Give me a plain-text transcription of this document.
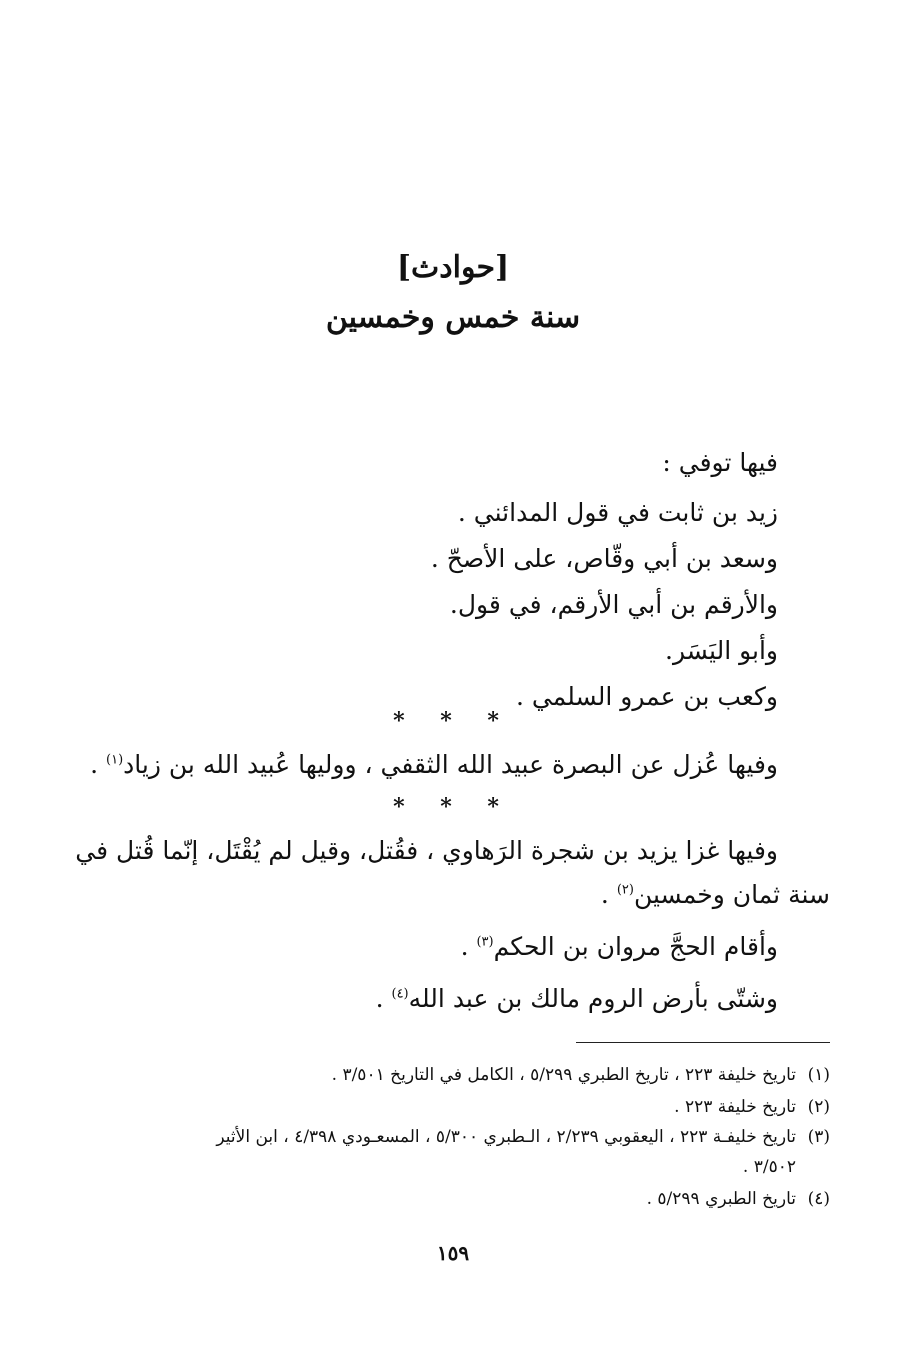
[حوادث]
سنة خمس وخمسين
فيها توفي :
زيد بن ثابت في قول المدائني .
وسعد بن أبي وقّاص، على الأصحّ .
والأرقم بن أبي الأرقم، في قول.
وأبو اليَسَر.
وكعب بن عمرو السلمي .
* * *
وفيها عُزل عن البصرة عبيد الله الثقفي ، ووليها عُبيد الله بن زياد$^{(١)}$ .
* * *
وفيها غزا يزيد بن شجرة الرَهاوي ، فقُتل، وقيل لم يُقْتَل، إنّما قُتل في
سنة ثمان وخمسين$^{(٢)}$ .
وأقام الحجَّ مروان بن الحكم$^{(٣)}$ .
وشتّى بأرض الروم مالك بن عبد الله$^{(٤)}$ .
(١)تاريخ خليفة ٢٢٣ ، تاريخ الطبري ٥/٢٩٩ ، الكامل في التاريخ ٣/٥٠١ .
(٢)تاريخ خليفة ٢٢٣ .
(٣)تاريخ خليفـة ٢٢٣ ، اليعقوبي ٢/٢٣٩ ، الـطبري ٥/٣٠٠ ، المسعـودي ٤/٣٩٨ ، ابن الأثير
٣/٥٠٢ .
(٤)تاريخ الطبري ٥/٢٩٩ .
١٥٩
